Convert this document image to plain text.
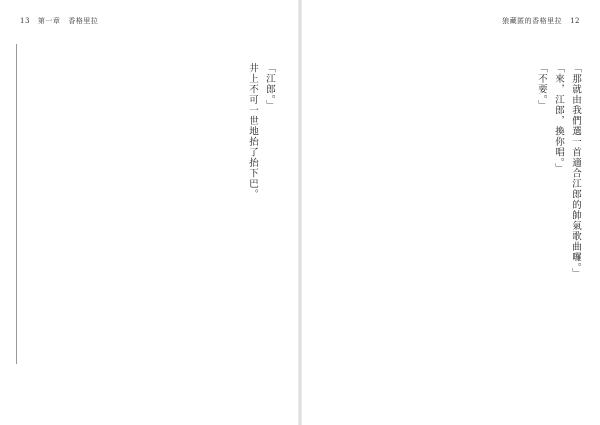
狼藏匿的香格里拉 12

「那就由我們選一首適合江郎的帥氣歌曲囉。」

「來，江郎，換你唱。」

「不要。」

13 第一章 香格里拉

「江郎。」

井上不可一世地抬了抬下巴。
